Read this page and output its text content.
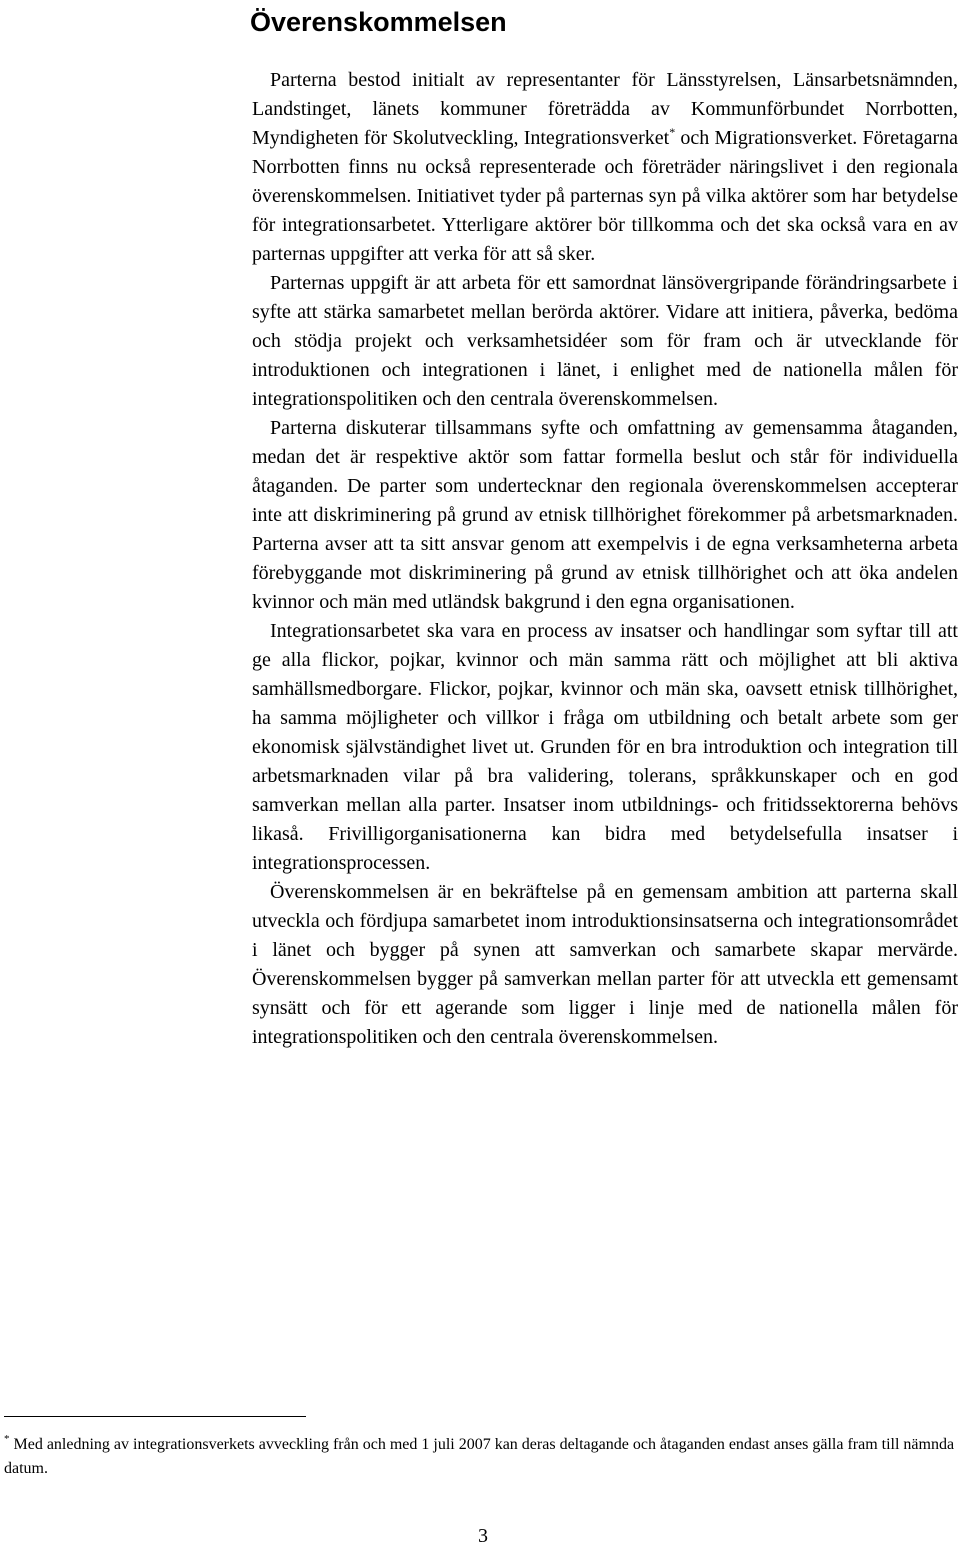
Överenskommelsen

Parterna bestod initialt av representanter för Länsstyrelsen, Länsarbetsnämnden, Landstinget, länets kommuner företrädda av Kommunförbundet Norrbotten, Myndigheten för Skolutveckling, Integrationsverket* och Migrationsverket. Företagarna Norrbotten finns nu också representerade och företräder näringslivet i den regionala överenskommelsen. Initiativet tyder på parternas syn på vilka aktörer som har betydelse för integrationsarbetet. Ytterligare aktörer bör tillkomma och det ska också vara en av parternas uppgifter att verka för att så sker.

Parternas uppgift är att arbeta för ett samordnat länsövergripande förändringsarbete i syfte att stärka samarbetet mellan berörda aktörer. Vidare att initiera, påverka, bedöma och stödja projekt och verksamhetsidéer som för fram och är utvecklande för introduktionen och integrationen i länet, i enlighet med de nationella målen för integrationspolitiken och den centrala överenskommelsen.

Parterna diskuterar tillsammans syfte och omfattning av gemensamma åtaganden, medan det är respektive aktör som fattar formella beslut och står för individuella åtaganden. De parter som undertecknar den regionala överenskommelsen accepterar inte att diskriminering på grund av etnisk tillhörighet förekommer på arbetsmarknaden. Parterna avser att ta sitt ansvar genom att exempelvis i de egna verksamheterna arbeta förebyggande mot diskriminering på grund av etnisk tillhörighet och att öka andelen kvinnor och män med utländsk bakgrund i den egna organisationen.

Integrationsarbetet ska vara en process av insatser och handlingar som syftar till att ge alla flickor, pojkar, kvinnor och män samma rätt och möjlighet att bli aktiva samhällsmedborgare. Flickor, pojkar, kvinnor och män ska, oavsett etnisk tillhörighet, ha samma möjligheter och villkor i fråga om utbildning och betalt arbete som ger ekonomisk självständighet livet ut. Grunden för en bra introduktion och integration till arbetsmarknaden vilar på bra validering, tolerans, språkkunskaper och en god samverkan mellan alla parter. Insatser inom utbildnings- och fritidssektorerna behövs likaså. Frivilligorganisationerna kan bidra med betydelsefulla insatser i integrationsprocessen.

Överenskommelsen är en bekräftelse på en gemensam ambition att parterna skall utveckla och fördjupa samarbetet inom introduktionsinsatserna och integrationsområdet i länet och bygger på synen att samverkan och samarbete skapar mervärde. Överenskommelsen bygger på samverkan mellan parter för att utveckla ett gemensamt synsätt och för ett agerande som ligger i linje med de nationella målen för integrationspolitiken och den centrala överenskommelsen.

* Med anledning av integrationsverkets avveckling från och med 1 juli 2007 kan deras deltagande och åtaganden endast anses gälla fram till nämnda datum.

3
